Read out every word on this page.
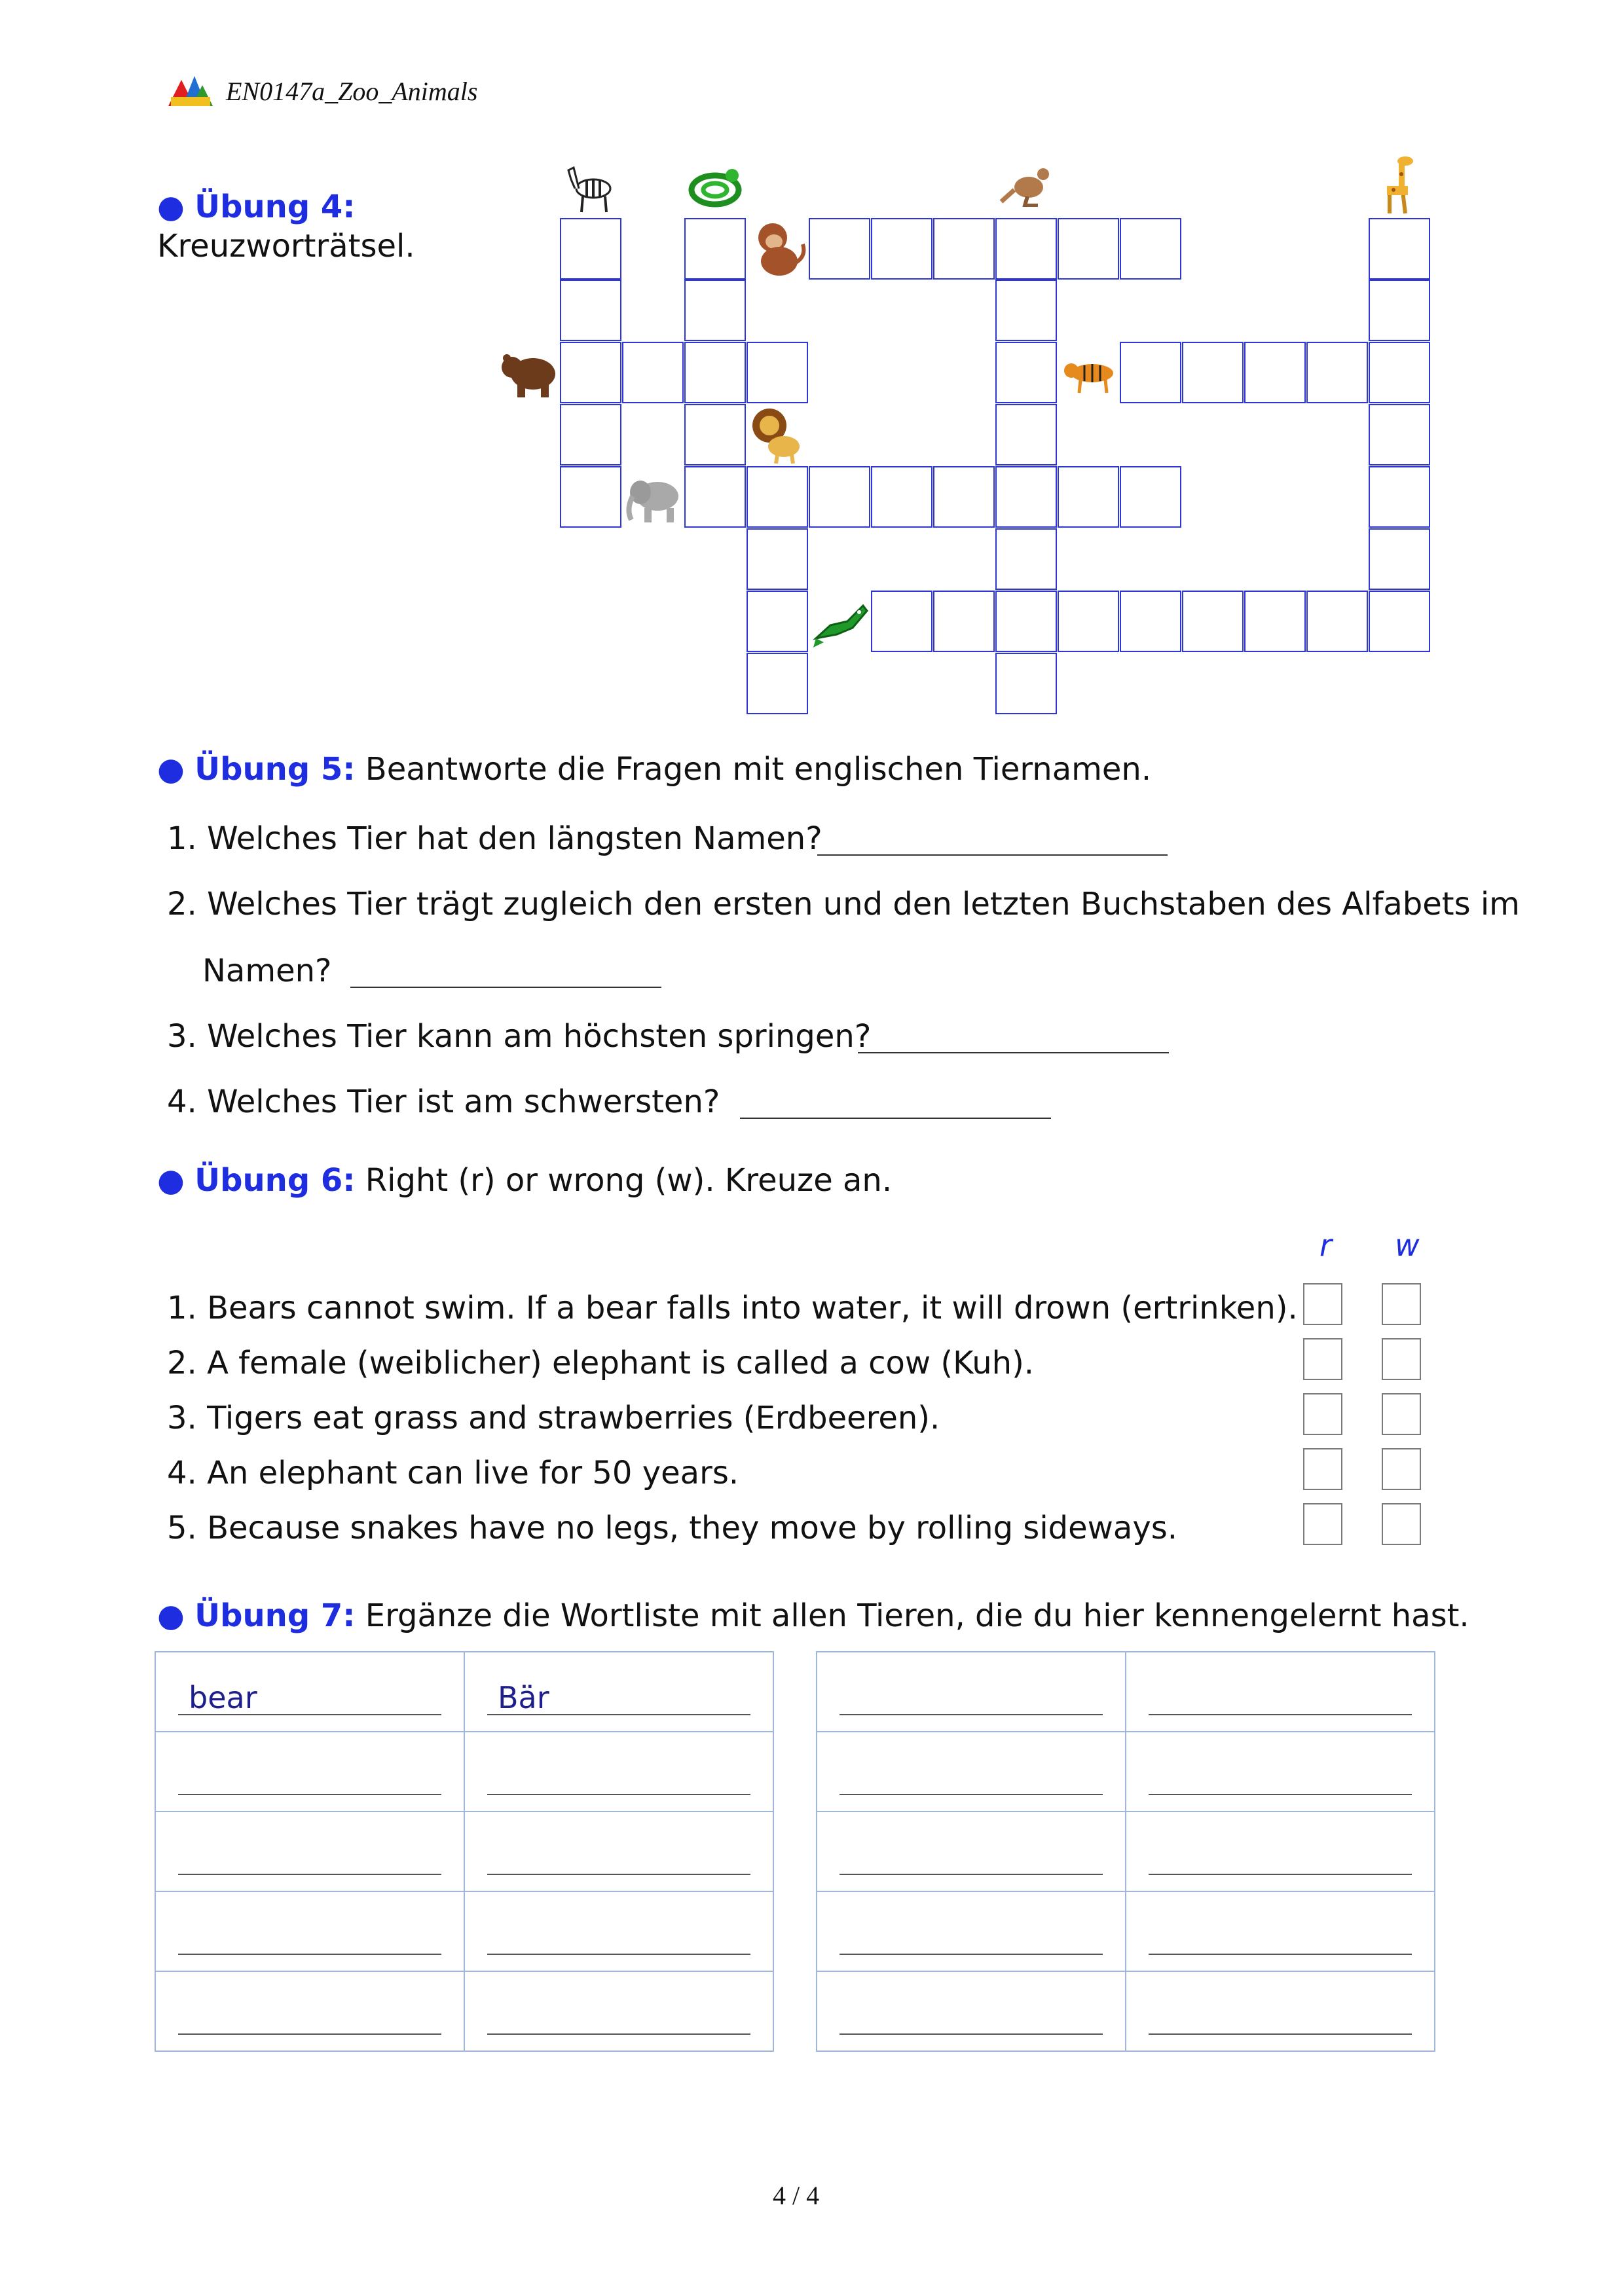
EN0147a_Zoo_Animals
● Übung 4:
Kreuzworträtsel.
● Übung 5: Beantworte die Fragen mit englischen Tiernamen.
1. Welches Tier hat den längsten Namen?
2. Welches Tier trägt zugleich den ersten und den letzten Buchstaben des Alfabets im
Namen?
3. Welches Tier kann am höchsten springen?
4. Welches Tier ist am schwersten?
● Übung 6: Right (r) or wrong (w). Kreuze an.
r w
1. Bears cannot swim. If a bear falls into water, it will drown (ertrinken).
2. A female (weiblicher) elephant is called a cow (Kuh).
3. Tigers eat grass and strawberries (Erdbeeren).
4. An elephant can live for 50 years.
5. Because snakes have no legs, they move by rolling sideways.
● Übung 7: Ergänze die Wortliste mit allen Tieren, die du hier kennengelernt hast.
bear	Bär

4 / 4
